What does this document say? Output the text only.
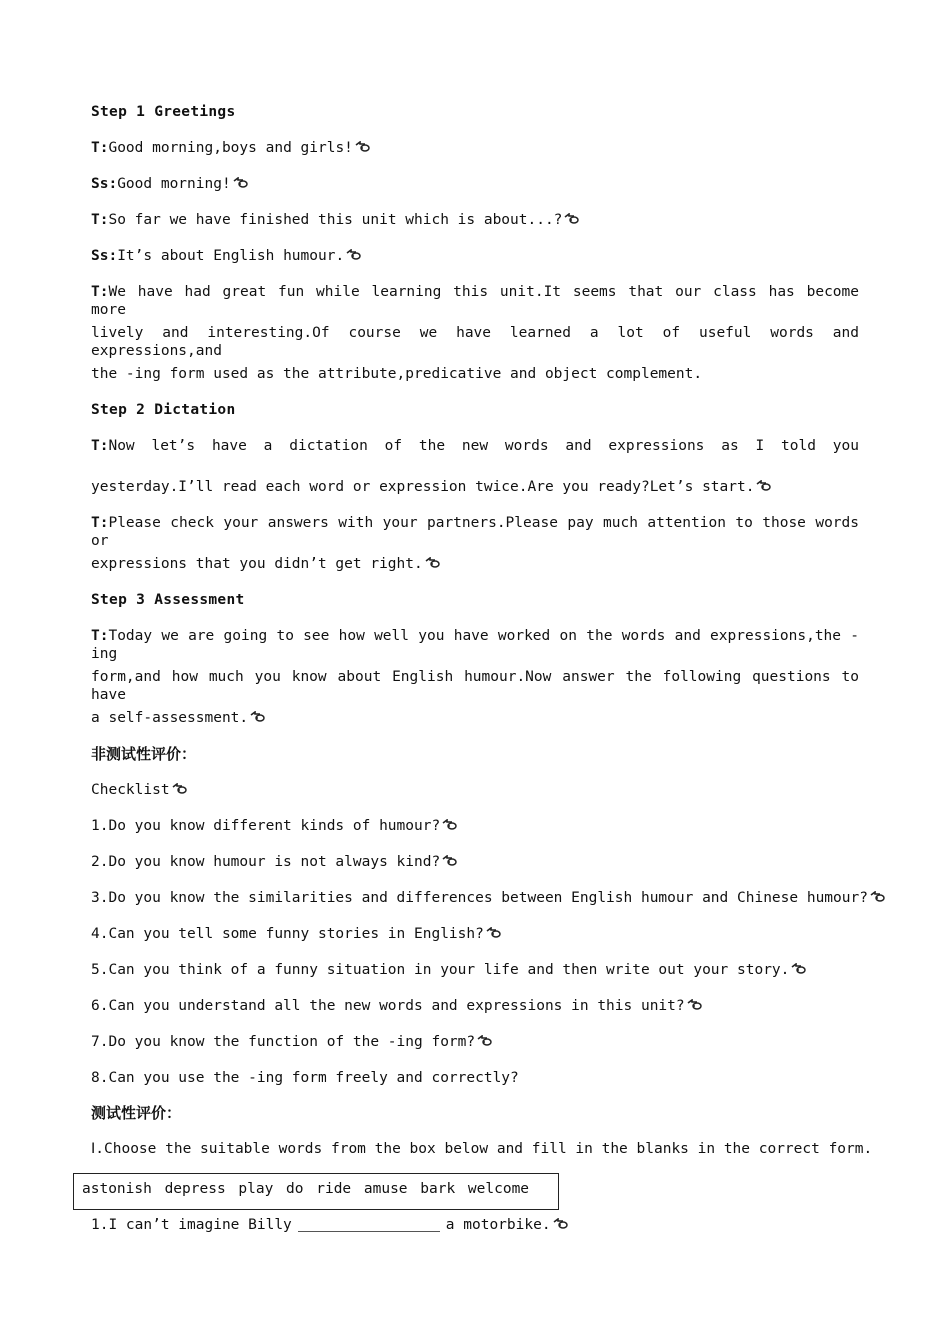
Step 1 Greetings

T:Good morning,boys and girls!

Ss:Good morning!

T:So far we have finished this unit which is about...?

Ss:It’s about English humour.

T:We have had great fun while learning this unit.It seems that our class has become more

lively and interesting.Of course we have learned a lot of useful words and expressions,and

the -ing form used as the attribute,predicative and object complement.

Step 2 Dictation

T:Now let’s have a dictation of the new words and expressions as I told you

yesterday.I’ll read each word or expression twice.Are you ready?Let’s start.

T:Please check your answers with your partners.Please pay much attention to those words or

expressions that you didn’t get right.

Step 3 Assessment

T:Today we are going to see how well you have worked on the words and expressions,the -ing

form,and how much you know about English humour.Now answer the following questions to have

a self-assessment.

非测试性评价：

Checklist

1.Do you know different kinds of humour?

2.Do you know humour is not always kind?

3.Do you know the similarities and differences between English humour and Chinese humour?

4.Can you tell some funny stories in English?

5.Can you think of a funny situation in your life and then write out your story.

6.Can you understand all the new words and expressions in this unit?

7.Do you know the function of the -ing form?

8.Can you use the -ing form freely and correctly?

测试性评价：

Ⅰ.Choose the suitable words from the box below and fill in the blanks in the correct form.

astonish depress play do ride amuse bark welcome

1.I can’t imagine Billy	a motorbike.
